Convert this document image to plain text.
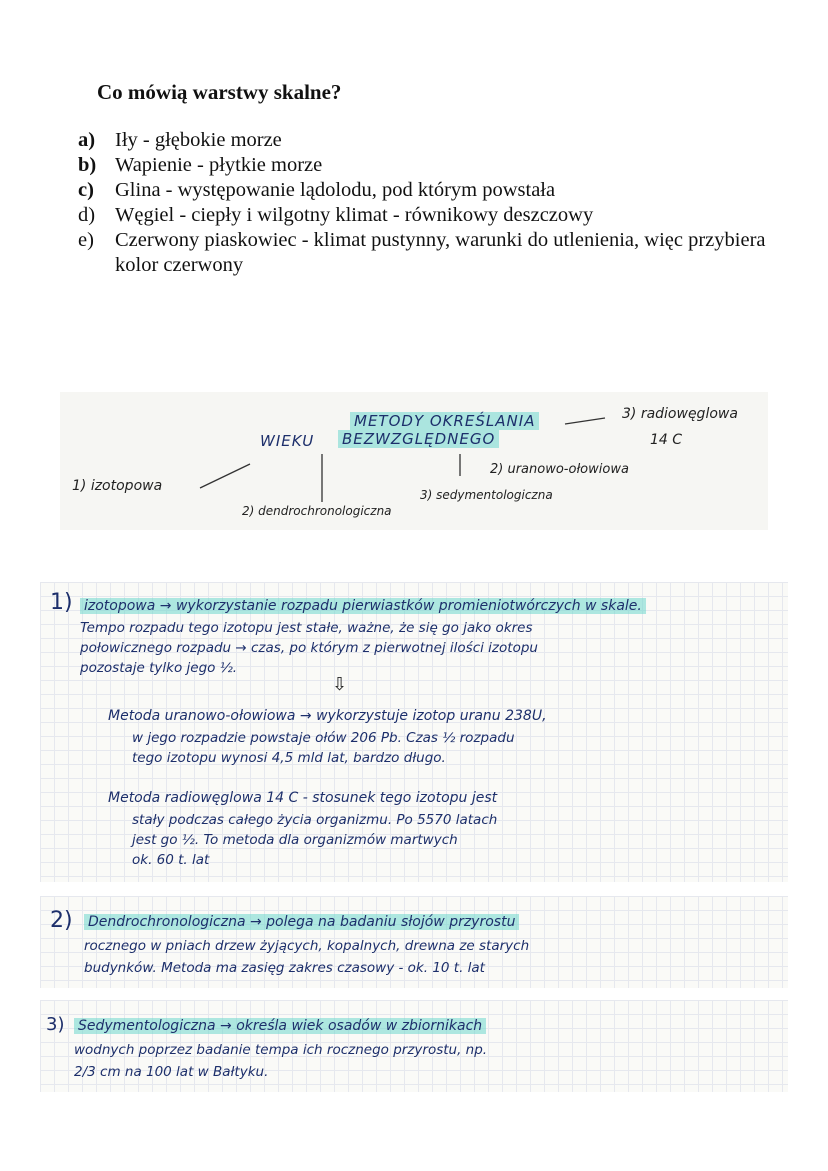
Co mówią warstwy skalne?
a) Iły - głębokie morze
b) Wapienie - płytkie morze
c)	Glina - występowanie lądolodu, pod którym powstała
d) Węgiel - ciepły i wilgotny klimat - równikowy deszczowy
e)	Czerwony piaskowiec - klimat pustynny, warunki do utlenienia, więc przybiera kolor czerwony
METODY OKREŚLANIA
WIEKU BEZWZGLĘDNEGO
1) izotopowa
2) dendrochronologiczna
3) sedymentologiczna
2) uranowo-ołowiowa
3) radiowęglowa
14 C
1) izotopowa → wykorzystanie rozpadu pierwiastków promieniotwórczych w skale.
Tempo rozpadu tego izotopu jest stałe, ważne, że się go jako okres
połowicznego rozpadu → czas, po którym z pierwotnej ilości izotopu
pozostaje tylko jego ½.
⇩
Metoda uranowo-ołowiowa → wykorzystuje izotop uranu 238U,
w jego rozpadzie powstaje ołów 206 Pb. Czas ½ rozpadu
tego izotopu wynosi 4,5 mld lat, bardzo długo.
Metoda radiowęglowa 14 C - stosunek tego izotopu jest
stały podczas całego życia organizmu. Po 5570 latach
jest go ½. To metoda dla organizmów martwych
ok. 60 t. lat
2) Dendrochronologiczna → polega na badaniu słojów przyrostu
rocznego w pniach drzew żyjących, kopalnych, drewna ze starych
budynków. Metoda ma zasięg zakres czasowy - ok. 10 t. lat
3) Sedymentologiczna → określa wiek osadów w zbiornikach
wodnych poprzez badanie tempa ich rocznego przyrostu, np.
2/3 cm na 100 lat w Bałtyku.
